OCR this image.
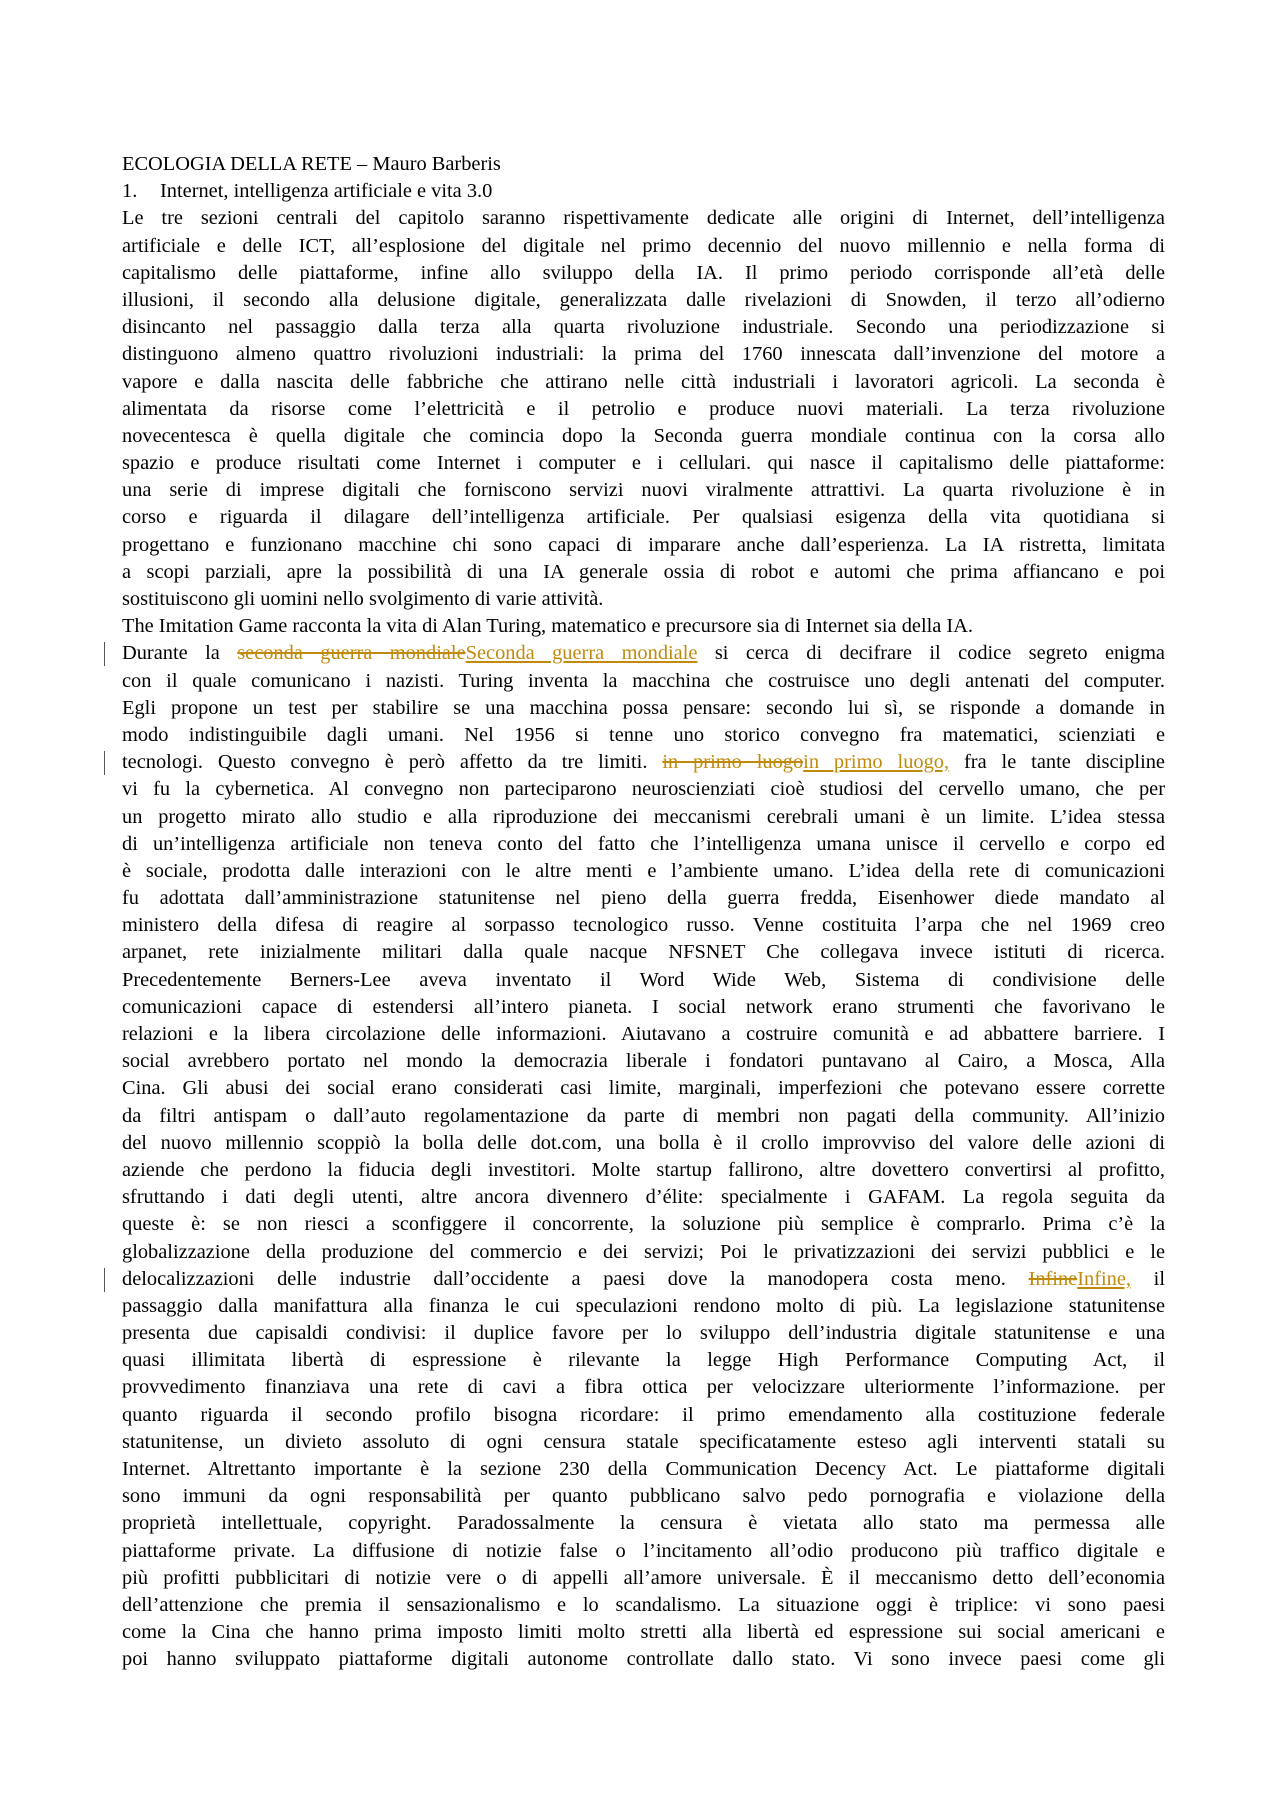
ECOLOGIA DELLA RETE – Mauro Barberis
1. Internet, intelligenza artificiale e vita 3.0
Le tre sezioni centrali del capitolo saranno rispettivamente dedicate alle origini di Internet, dell’intelligenza
artificiale e delle ICT, all’esplosione del digitale nel primo decennio del nuovo millennio e nella forma di
capitalismo delle piattaforme, infine allo sviluppo della IA. Il primo periodo corrisponde all’età delle
illusioni, il secondo alla delusione digitale, generalizzata dalle rivelazioni di Snowden, il terzo all’odierno
disincanto nel passaggio dalla terza alla quarta rivoluzione industriale. Secondo una periodizzazione si
distinguono almeno quattro rivoluzioni industriali: la prima del 1760 innescata dall’invenzione del motore a
vapore e dalla nascita delle fabbriche che attirano nelle città industriali i lavoratori agricoli. La seconda è
alimentata da risorse come l’elettricità e il petrolio e produce nuovi materiali. La terza rivoluzione
novecentesca è quella digitale che comincia dopo la Seconda guerra mondiale continua con la corsa allo
spazio e produce risultati come Internet i computer e i cellulari. qui nasce il capitalismo delle piattaforme:
una serie di imprese digitali che forniscono servizi nuovi viralmente attrattivi. La quarta rivoluzione è in
corso e riguarda il dilagare dell’intelligenza artificiale. Per qualsiasi esigenza della vita quotidiana si
progettano e funzionano macchine chi sono capaci di imparare anche dall’esperienza. La IA ristretta, limitata
a scopi parziali, apre la possibilità di una IA generale ossia di robot e automi che prima affiancano e poi
sostituiscono gli uomini nello svolgimento di varie attività.
The Imitation Game racconta la vita di Alan Turing, matematico e precursore sia di Internet sia della IA.
Durante la seconda guerra mondialeSeconda guerra mondiale si cerca di decifrare il codice segreto enigma
con il quale comunicano i nazisti. Turing inventa la macchina che costruisce uno degli antenati del computer.
Egli propone un test per stabilire se una macchina possa pensare: secondo lui sì, se risponde a domande in
modo indistinguibile dagli umani. Nel 1956 si tenne uno storico convegno fra matematici, scienziati e
tecnologi. Questo convegno è però affetto da tre limiti. in primo luogoin primo luogo, fra le tante discipline
vi fu la cybernetica. Al convegno non parteciparono neuroscienziati cioè studiosi del cervello umano, che per
un progetto mirato allo studio e alla riproduzione dei meccanismi cerebrali umani è un limite. L’idea stessa
di un’intelligenza artificiale non teneva conto del fatto che l’intelligenza umana unisce il cervello e corpo ed
è sociale, prodotta dalle interazioni con le altre menti e l’ambiente umano. L’idea della rete di comunicazioni
fu adottata dall’amministrazione statunitense nel pieno della guerra fredda, Eisenhower diede mandato al
ministero della difesa di reagire al sorpasso tecnologico russo. Venne costituita l’arpa che nel 1969 creo
arpanet, rete inizialmente militari dalla quale nacque NFSNET Che collegava invece istituti di ricerca.
Precedentemente Berners-Lee aveva inventato il Word Wide Web, Sistema di condivisione delle
comunicazioni capace di estendersi all’intero pianeta. I social network erano strumenti che favorivano le
relazioni e la libera circolazione delle informazioni. Aiutavano a costruire comunità e ad abbattere barriere. I
social avrebbero portato nel mondo la democrazia liberale i fondatori puntavano al Cairo, a Mosca, Alla
Cina. Gli abusi dei social erano considerati casi limite, marginali, imperfezioni che potevano essere corrette
da filtri antispam o dall’auto regolamentazione da parte di membri non pagati della community. All’inizio
del nuovo millennio scoppiò la bolla delle dot.com, una bolla è il crollo improvviso del valore delle azioni di
aziende che perdono la fiducia degli investitori. Molte startup fallirono, altre dovettero convertirsi al profitto,
sfruttando i dati degli utenti, altre ancora divennero d’élite: specialmente i GAFAM. La regola seguita da
queste è: se non riesci a sconfiggere il concorrente, la soluzione più semplice è comprarlo. Prima c’è la
globalizzazione della produzione del commercio e dei servizi; Poi le privatizzazioni dei servizi pubblici e le
delocalizzazioni delle industrie dall’occidente a paesi dove la manodopera costa meno. InfineInfine, il
passaggio dalla manifattura alla finanza le cui speculazioni rendono molto di più. La legislazione statunitense
presenta due capisaldi condivisi: il duplice favore per lo sviluppo dell’industria digitale statunitense e una
quasi illimitata libertà di espressione è rilevante la legge High Performance Computing Act, il
provvedimento finanziava una rete di cavi a fibra ottica per velocizzare ulteriormente l’informazione. per
quanto riguarda il secondo profilo bisogna ricordare: il primo emendamento alla costituzione federale
statunitense, un divieto assoluto di ogni censura statale specificatamente esteso agli interventi statali su
Internet. Altrettanto importante è la sezione 230 della Communication Decency Act. Le piattaforme digitali
sono immuni da ogni responsabilità per quanto pubblicano salvo pedo pornografia e violazione della
proprietà intellettuale, copyright. Paradossalmente la censura è vietata allo stato ma permessa alle
piattaforme private. La diffusione di notizie false o l’incitamento all’odio producono più traffico digitale e
più profitti pubblicitari di notizie vere o di appelli all’amore universale. È il meccanismo detto dell’economia
dell’attenzione che premia il sensazionalismo e lo scandalismo. La situazione oggi è triplice: vi sono paesi
come la Cina che hanno prima imposto limiti molto stretti alla libertà ed espressione sui social americani e
poi hanno sviluppato piattaforme digitali autonome controllate dallo stato. Vi sono invece paesi come gli
